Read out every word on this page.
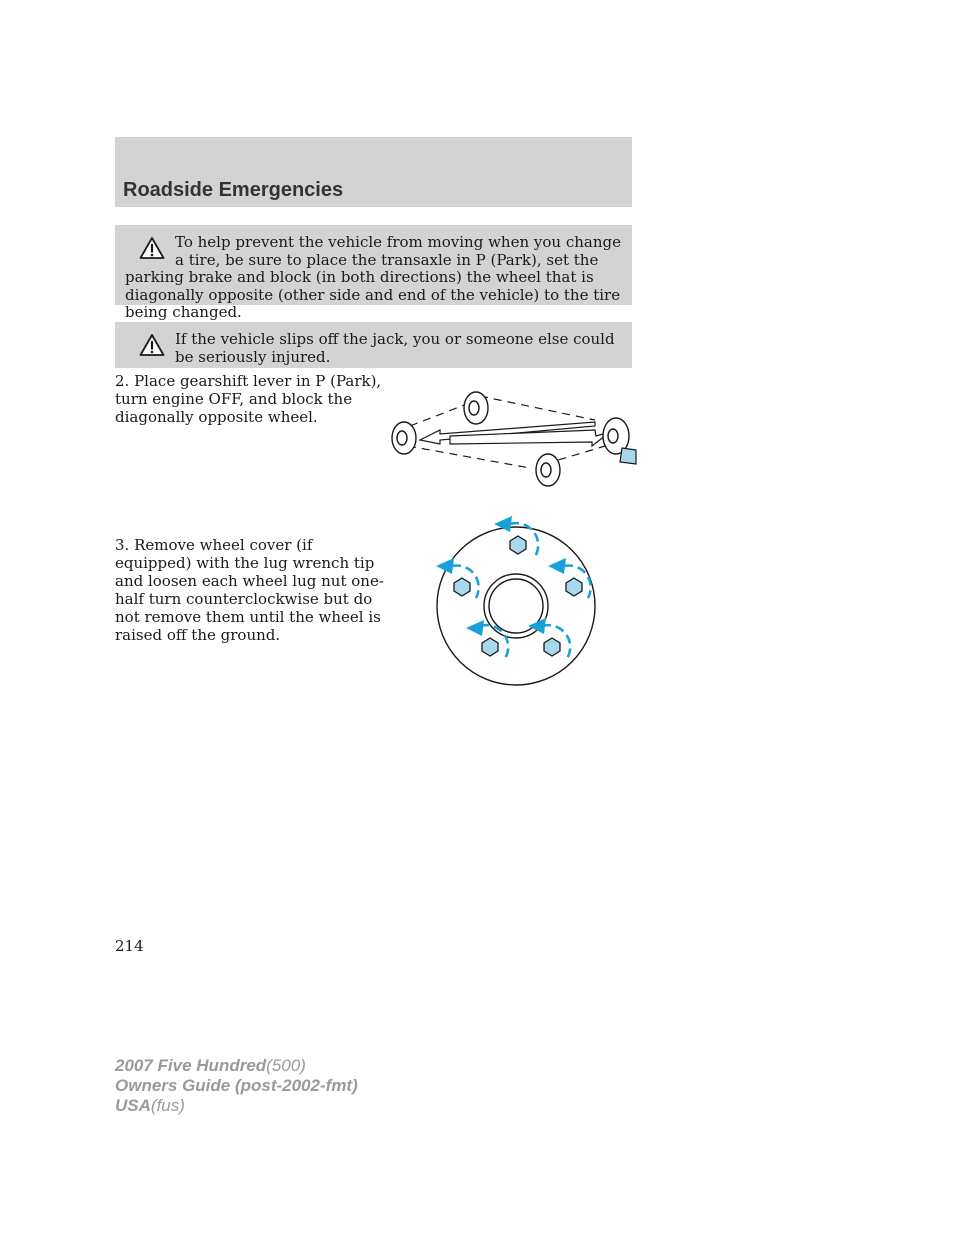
Roadside Emergencies
To help prevent the vehicle from moving when you change a tire, be sure to place the transaxle in P (Park), set the parking brake and block (in both directions) the wheel that is diagonally opposite (other side and end of the vehicle) to the tire being changed.
If the vehicle slips off the jack, you or someone else could be seriously injured.

2. Place gearshift lever in P (Park), turn engine OFF, and block the diagonally opposite wheel.

3. Remove wheel cover (if equipped) with the lug wrench tip and loosen each wheel lug nut one-half turn counterclockwise but do not remove them until the wheel is raised off the ground.

214

2007 Five Hundred(500)
Owners Guide (post-2002-fmt)
USA(fus)
